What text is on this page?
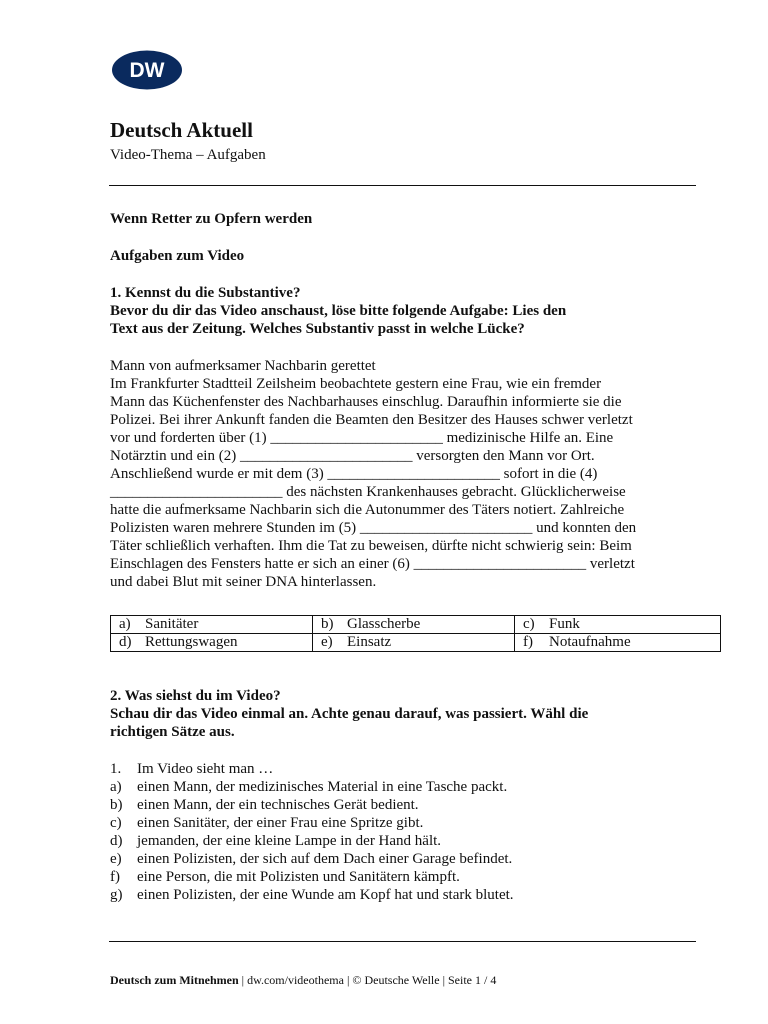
DW
Deutsch Aktuell
Video-Thema – Aufgaben
Wenn Retter zu Opfern werden
Aufgaben zum Video
1. Kennst du die Substantive?
Bevor du dir das Video anschaust, löse bitte folgende Aufgabe: Lies den
Text aus der Zeitung. Welches Substantiv passt in welche Lücke?
Mann von aufmerksamer Nachbarin gerettet
Im Frankfurter Stadtteil Zeilsheim beobachtete gestern eine Frau, wie ein fremder
Mann das Küchenfenster des Nachbarhauses einschlug. Daraufhin informierte sie die
Polizei. Bei ihrer Ankunft fanden die Beamten den Besitzer des Hauses schwer verletzt
vor und forderten über (1) _______________________ medizinische Hilfe an. Eine
Notärztin und ein (2) _______________________ versorgten den Mann vor Ort.
Anschließend wurde er mit dem (3) _______________________ sofort in die (4)
_______________________ des nächsten Krankenhauses gebracht. Glücklicherweise
hatte die aufmerksame Nachbarin sich die Autonummer des Täters notiert. Zahlreiche
Polizisten waren mehrere Stunden im (5) _______________________ und konnten den
Täter schließlich verhaften. Ihm die Tat zu beweisen, dürfte nicht schwierig sein: Beim
Einschlagen des Fensters hatte er sich an einer (6) _______________________ verletzt
und dabei Blut mit seiner DNA hinterlassen.
a) Sanitäter	b) Glasscherbe	c) Funk
d) Rettungswagen	e) Einsatz	f) Notaufnahme
2. Was siehst du im Video?
Schau dir das Video einmal an. Achte genau darauf, was passiert. Wähl die
richtigen Sätze aus.
1. Im Video sieht man …
a) einen Mann, der medizinisches Material in eine Tasche packt.
b) einen Mann, der ein technisches Gerät bedient.
c) einen Sanitäter, der einer Frau eine Spritze gibt.
d) jemanden, der eine kleine Lampe in der Hand hält.
e) einen Polizisten, der sich auf dem Dach einer Garage befindet.
f) eine Person, die mit Polizisten und Sanitätern kämpft.
g) einen Polizisten, der eine Wunde am Kopf hat und stark blutet.
Deutsch zum Mitnehmen | dw.com/videothema | © Deutsche Welle | Seite 1 / 4
